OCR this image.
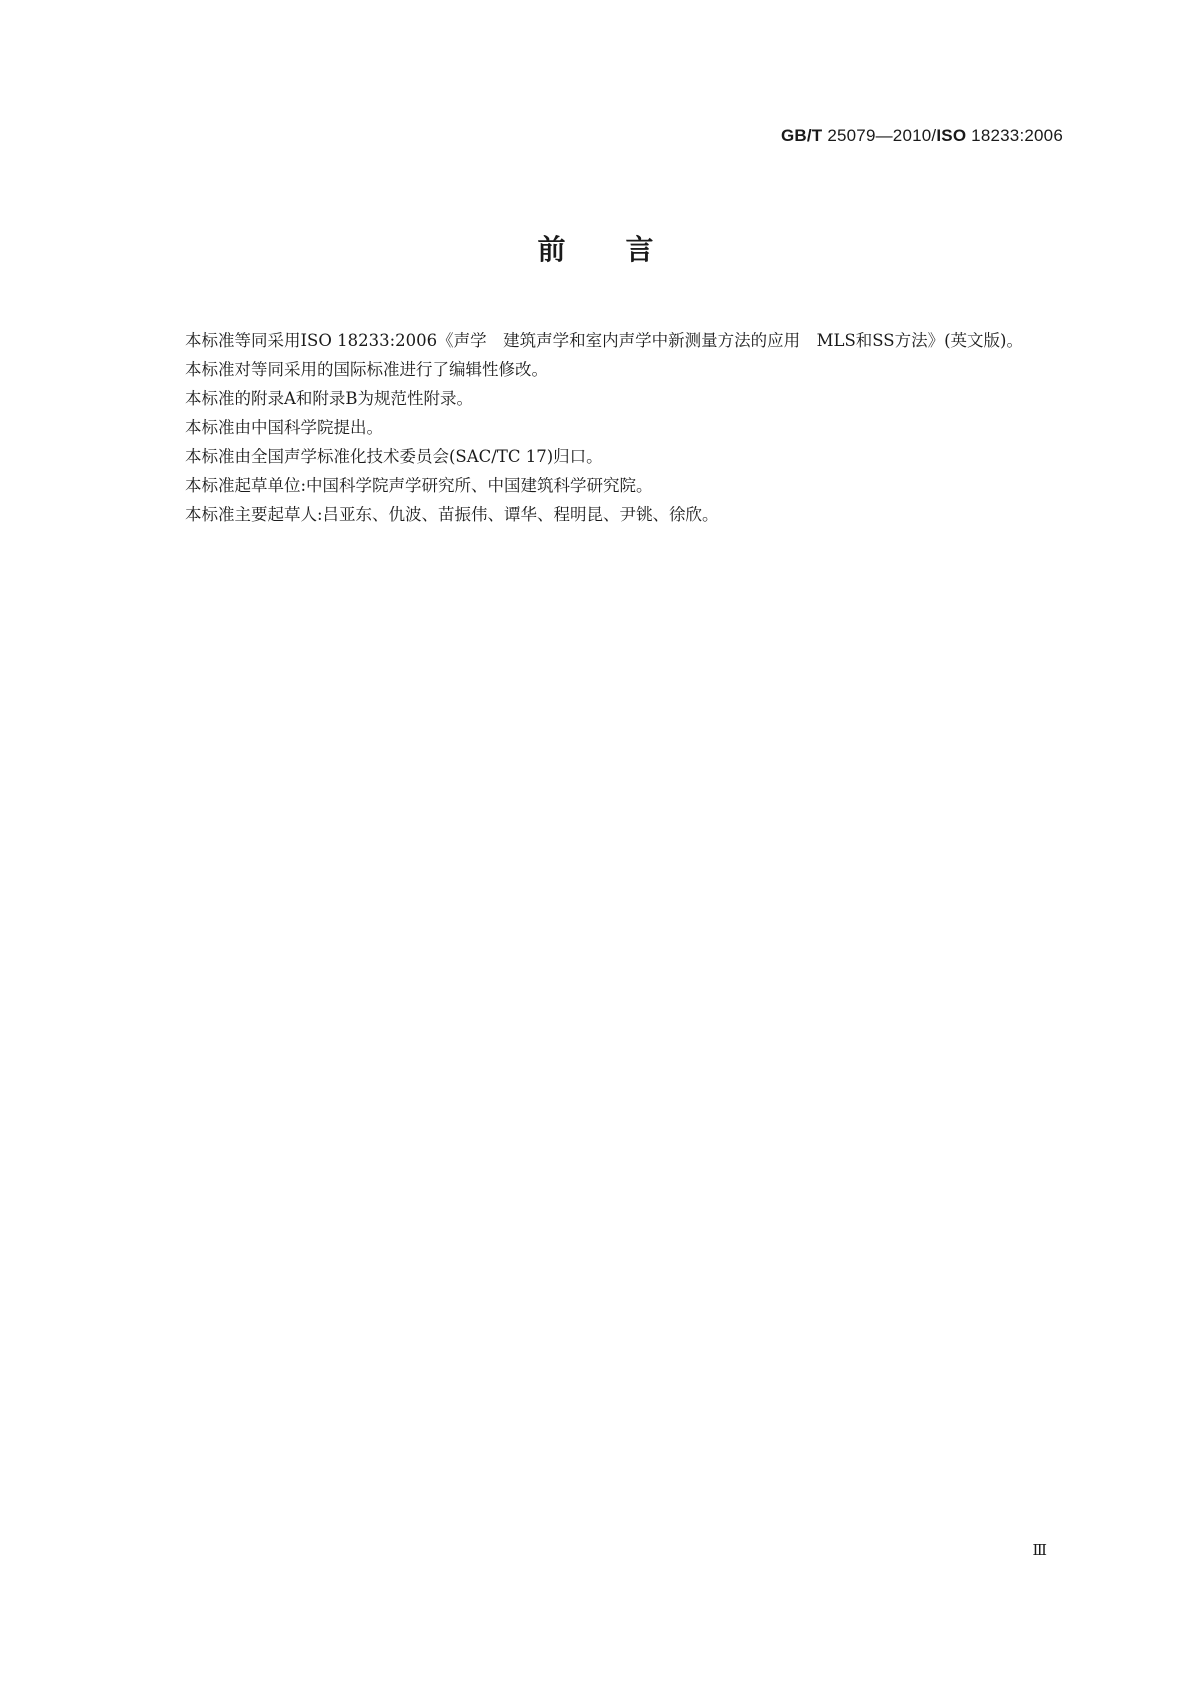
GB/T 25079—2010/ISO 18233:2006
前言

本标准等同采用ISO 18233:2006《声学　建筑声学和室内声学中新测量方法的应用　MLS和SS方法》(英文版)。

本标准对等同采用的国际标准进行了编辑性修改。

本标准的附录A和附录B为规范性附录。

本标准由中国科学院提出。

本标准由全国声学标准化技术委员会(SAC/TC 17)归口。

本标准起草单位:中国科学院声学研究所、中国建筑科学研究院。

本标准主要起草人:吕亚东、仇波、苗振伟、谭华、程明昆、尹铫、徐欣。

Ⅲ
